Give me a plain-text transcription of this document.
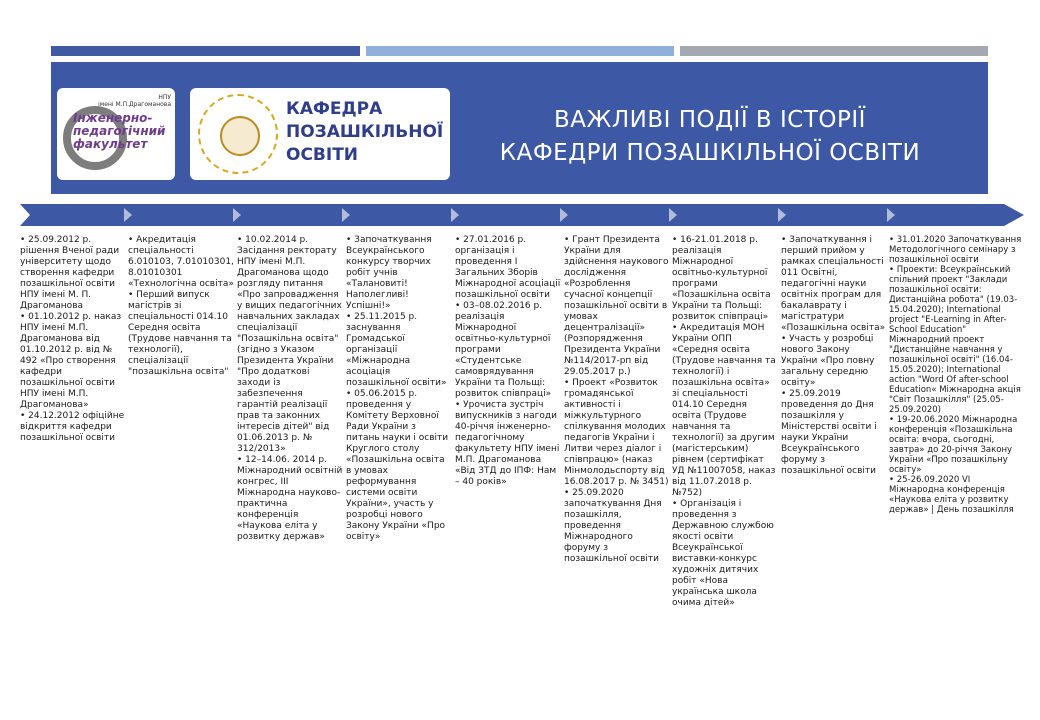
НПУ
імені М.П.Драгоманова
Інженерно-
педагогічний
факультет
КАФЕДРА
ПОЗАШКІЛЬНОЇ
ОСВІТИ
ВАЖЛИВІ ПОДІЇ В ІСТОРІЇ
КАФЕДРИ ПОЗАШКІЛЬНОЇ ОСВІТИ
2012	2013	2014	2015	2016	2017	2018	2019	2020

• 25.09.2012 р. рішення Вченої ради університету щодо створення кафедри позашкільної освіти НПУ імені М. П. Драгоманова
• 01.10.2012 р. наказ НПУ імені М.П. Драгоманова від 01.10.2012 р. від № 492 «Про створення кафедри позашкільної освіти НПУ імені М.П. Драгоманова»
• 24.12.2012 офіційне відкриття кафедри позашкільної освіти

• Акредитація спеціальності 6.010103, 7.01010301, 8.01010301 «Технологічна освіта»
• Перший випуск магістрів зі спеціальності 014.10 Середня освіта (Трудове навчання та технології), спеціалізації "позашкільна освіта"

• 10.02.2014 р. Засідання ректорату НПУ імені М.П. Драгоманова щодо розгляду питання «Про запровадження у вищих педагогічних навчальних закладах спеціалізації "Позашкільна освіта" (згідно з Указом Президента України "Про додаткові заходи із забезпечення гарантій реалізації прав та законних інтересів дітей" від 01.06.2013 р. № 312/2013»
• 12–14.06. 2014 р. Міжнародний освітній конгрес, ІІІ Міжнародна науково-практична конференція «Наукова еліта у розвитку держав»

• Започаткування Всеукраїнського конкурсу творчих робіт учнів «Талановиті! Наполегливі! Успішні!»
• 25.11.2015 р. заснування Громадської організації «Міжнародна асоціація позашкільної освіти»
• 05.06.2015 р. проведення у Комітету Верховної Ради України з питань науки і освіти Круглого столу «Позашкільна освіта в умовах реформування системи освіти України», участь у розробці нового Закону України «Про освіту»

• 27.01.2016 р. організація і проведення І Загальних Зборів Міжнародної асоціації позашкільної освіти
• 03–08.02.2016 р. реалізація Міжнародної освітньо-культурної програми «Студентське самоврядування України та Польщі: розвиток співпраці»
• Урочиста зустріч випускників з нагоди 40-річчя інженерно-педагогічному факультету НПУ імені М.П. Драгоманова «Від ЗТД до ІПФ: Нам – 40 років»

• Грант Президента України для здійснення наукового дослідження «Розроблення сучасної концепції позашкільної освіти в умовах децентралізації» (Розпорядження Президента України №114/2017-рп від 29.05.2017 р.)
• Проект «Розвиток громадянської активності і міжкультурного спілкування молодих педагогів України і Литви через діалог і співпрацю» (наказ Мінмолодьспорту від 16.08.2017 р. № 3451)
• 25.09.2020 започаткування Дня позашкілля, проведення Міжнародного форуму з позашкільної освіти

• 16-21.01.2018 р. реалізація Міжнародної освітньо-культурної програми «Позашкільна освіта України та Польщі: розвиток співпраці»
• Акредитація МОН України ОПП «Середня освіта (Трудове навчання та технології) і позашкільна освіта» зі спеціальності 014.10 Середня освіта (Трудове навчання та технології) за другим (магістерським) рівнем (сертифікат УД №11007058, наказ від 11.07.2018 р. №752)
• Організація і проведення з Державною службою якості освіти Всеукраїнської виставки-конкурс художніх дитячих робіт «Нова українська школа очима дітей»

• Започаткування і перший прийом у рамках спеціальності 011 Освітні, педагогічні науки освітніх програм для бакалаврату і магістратури «Позашкільна освіта»
• Участь у розробці нового Закону України «Про повну загальну середню освіту»
• 25.09.2019 проведення до Дня позашкілля у Міністерстві освіти і науки України Всеукраїнського форуму з позашкільної освіти

• 31.01.2020 Започаткування Методологічного семінару з позашкільної освіти
• Проекти: Всеукраїнський спільний проект "Заклади позашкільної освіти: Дистанційна робота" (19.03-15.04.2020); International project "E-Learning in After-School Education" Міжнародний проект "Дистанційне навчання у позашкільної освіті" (16.04-15.05.2020); International action "Word Of after-school Education« Міжнародна акція "Світ Позашкілля" (25.05-25.09.2020)
• 19-20.06.2020 Міжнародна конференція «Позашкільна освіта: вчора, сьогодні, завтра» до 20-річчя Закону України «Про позашкільну освіту»
• 25-26.09.2020 VI Міжнародна конференція «Наукова еліта у розвитку держав» | День позашкілля
